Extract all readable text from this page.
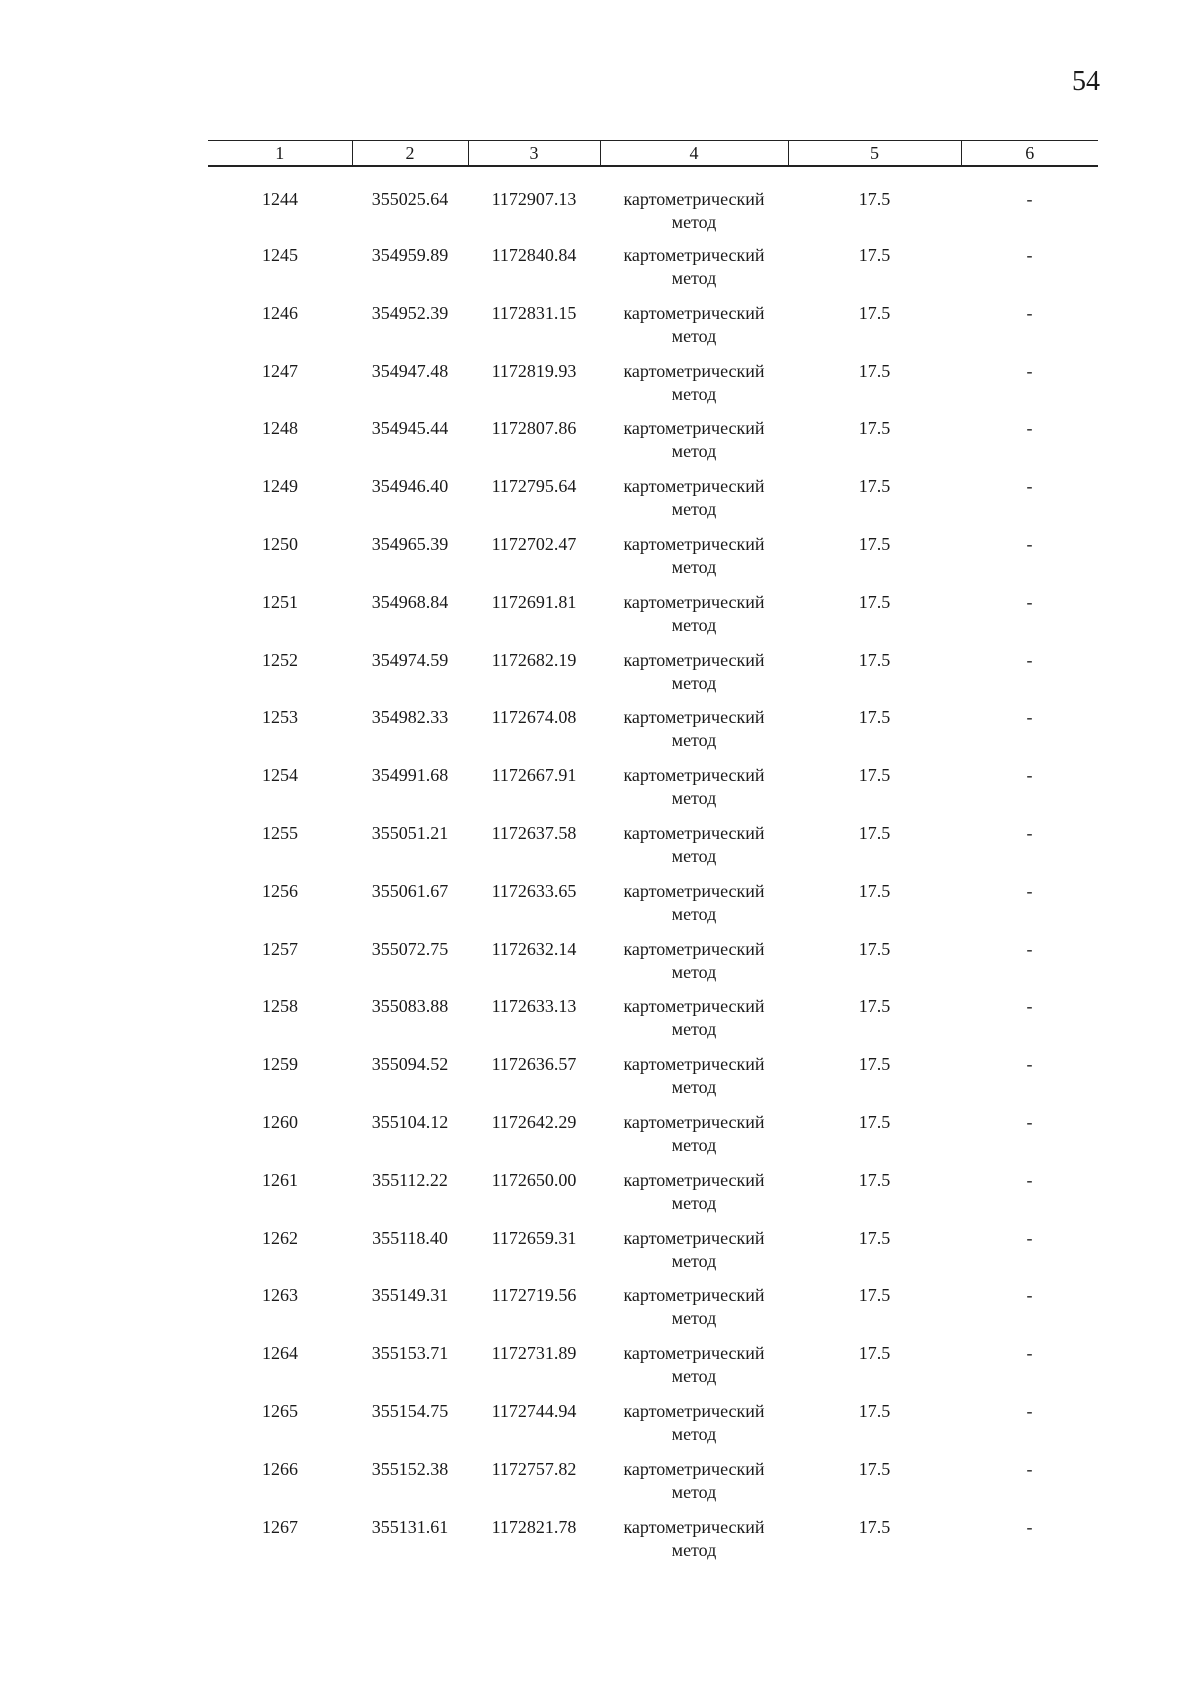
54
1	2	3	4	5	6
1244	355025.64	1172907.13	картометрический метод	17.5	-
1245	354959.89	1172840.84	картометрический метод	17.5	-
1246	354952.39	1172831.15	картометрический метод	17.5	-
1247	354947.48	1172819.93	картометрический метод	17.5	-
1248	354945.44	1172807.86	картометрический метод	17.5	-
1249	354946.40	1172795.64	картометрический метод	17.5	-
1250	354965.39	1172702.47	картометрический метод	17.5	-
1251	354968.84	1172691.81	картометрический метод	17.5	-
1252	354974.59	1172682.19	картометрический метод	17.5	-
1253	354982.33	1172674.08	картометрический метод	17.5	-
1254	354991.68	1172667.91	картометрический метод	17.5	-
1255	355051.21	1172637.58	картометрический метод	17.5	-
1256	355061.67	1172633.65	картометрический метод	17.5	-
1257	355072.75	1172632.14	картометрический метод	17.5	-
1258	355083.88	1172633.13	картометрический метод	17.5	-
1259	355094.52	1172636.57	картометрический метод	17.5	-
1260	355104.12	1172642.29	картометрический метод	17.5	-
1261	355112.22	1172650.00	картометрический метод	17.5	-
1262	355118.40	1172659.31	картометрический метод	17.5	-
1263	355149.31	1172719.56	картометрический метод	17.5	-
1264	355153.71	1172731.89	картометрический метод	17.5	-
1265	355154.75	1172744.94	картометрический метод	17.5	-
1266	355152.38	1172757.82	картометрический метод	17.5	-
1267	355131.61	1172821.78	картометрический метод	17.5	-
